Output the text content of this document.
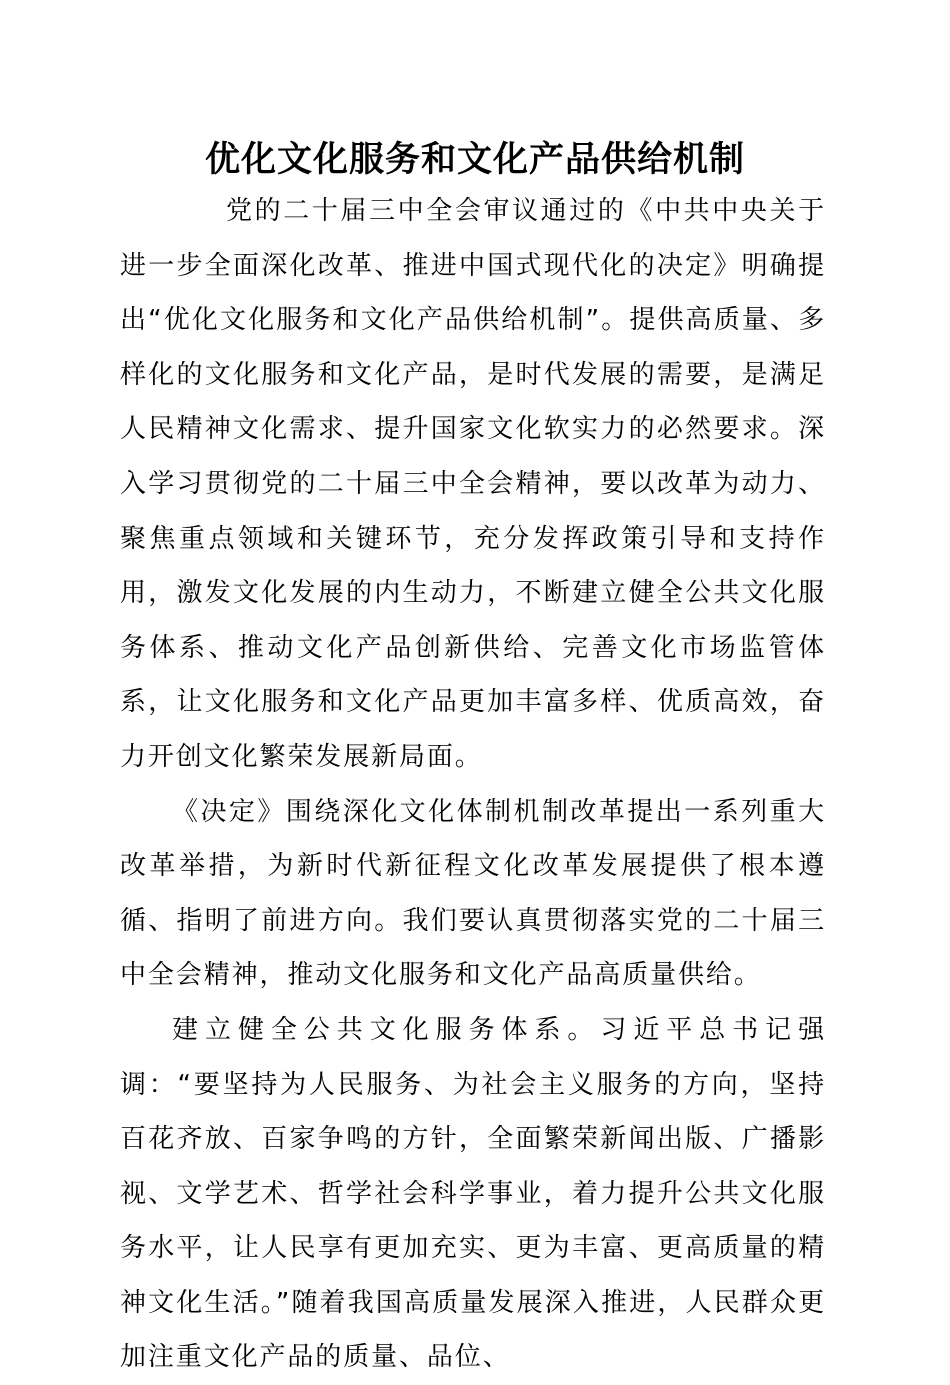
优化文化服务和文化产品供给机制

党的二十届三中全会审议通过的《中共中央关于进一步全面深化改革、推进中国式现代化的决定》明确提出“优化文化服务和文化产品供给机制”。提供高质量、多样化的文化服务和文化产品，是时代发展的需要，是满足人民精神文化需求、提升国家文化软实力的必然要求。深入学习贯彻党的二十届三中全会精神，要以改革为动力、聚焦重点领域和关键环节，充分发挥政策引导和支持作用，激发文化发展的内生动力，不断建立健全公共文化服务体系、推动文化产品创新供给、完善文化市场监管体系，让文化服务和文化产品更加丰富多样、优质高效，奋力开创文化繁荣发展新局面。

《决定》围绕深化文化体制机制改革提出一系列重大改革举措，为新时代新征程文化改革发展提供了根本遵循、指明了前进方向。我们要认真贯彻落实党的二十届三中全会精神，推动文化服务和文化产品高质量供给。

建立健全公共文化服务体系。习近平总书记强调：“要坚持为人民服务、为社会主义服务的方向，坚持百花齐放、百家争鸣的方针，全面繁荣新闻出版、广播影视、文学艺术、哲学社会科学事业，着力提升公共文化服务水平，让人民享有更加充实、更为丰富、更高质量的精神文化生活。”随着我国高质量发展深入推进，人民群众更加注重文化产品的质量、品位、
